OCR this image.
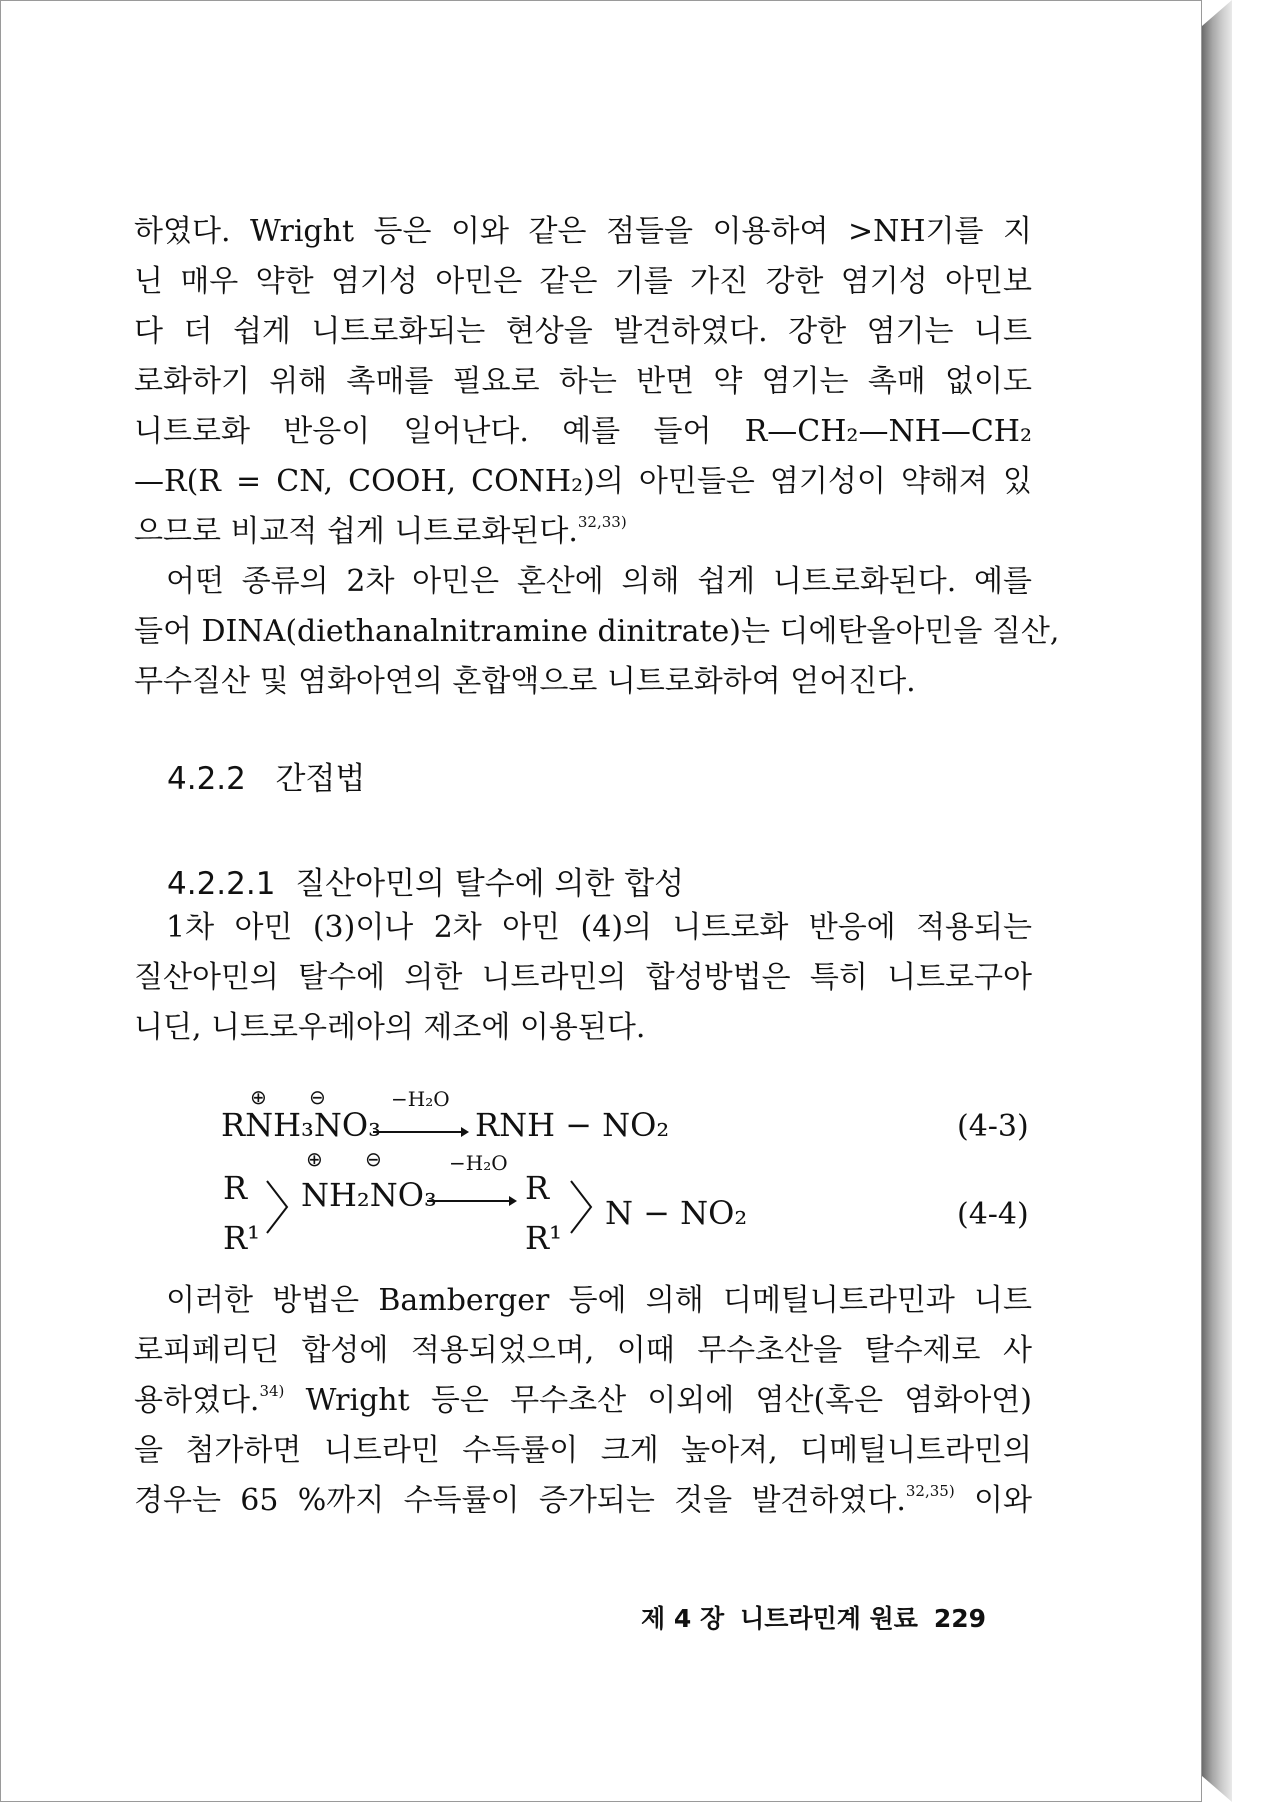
하였다. Wright 등은 이와 같은 점들을 이용하여 >NH기를 지
닌 매우 약한 염기성 아민은 같은 기를 가진 강한 염기성 아민보
다 더 쉽게 니트로화되는 현상을 발견하였다. 강한 염기는 니트
로화하기 위해 촉매를 필요로 하는 반면 약 염기는 촉매 없이도
니트로화 반응이 일어난다. 예를 들어 R—CH₂—NH—CH₂
—R(R = CN, COOH, CONH₂)의 아민들은 염기성이 약해져 있
으므로 비교적 쉽게 니트로화된다.$^{32,33)}$
어떤 종류의 2차 아민은 혼산에 의해 쉽게 니트로화된다. 예를
들어 DINA(diethanalnitramine dinitrate)는 디에탄올아민을 질산,
무수질산 및 염화아연의 혼합액으로 니트로화하여 얻어진다.
4.2.2 간접법
4.2.2.1 질산아민의 탈수에 의한 합성
1차 아민 (3)이나 2차 아민 (4)의 니트로화 반응에 적용되는
질산아민의 탈수에 의한 니트라민의 합성방법은 특히 니트로구아
니딘, 니트로우레아의 제조에 이용된다.
⊕ ⊖
RNH₃NO₃
−H₂O
RNH − NO₂	(4-3)
R
R¹
⊕ ⊖
NH₂NO₃
−H₂O
R
R¹
N − NO₂	(4-4)
이러한 방법은 Bamberger 등에 의해 디메틸니트라민과 니트
로피페리딘 합성에 적용되었으며, 이때 무수초산을 탈수제로 사
용하였다.$^{34)}$ Wright 등은 무수초산 이외에 염산(혹은 염화아연)
을 첨가하면 니트라민 수득률이 크게 높아져, 디메틸니트라민의
경우는 65 %까지 수득률이 증가되는 것을 발견하였다.$^{32,35)}$ 이와
제 4 장 니트라민계 원료 229
